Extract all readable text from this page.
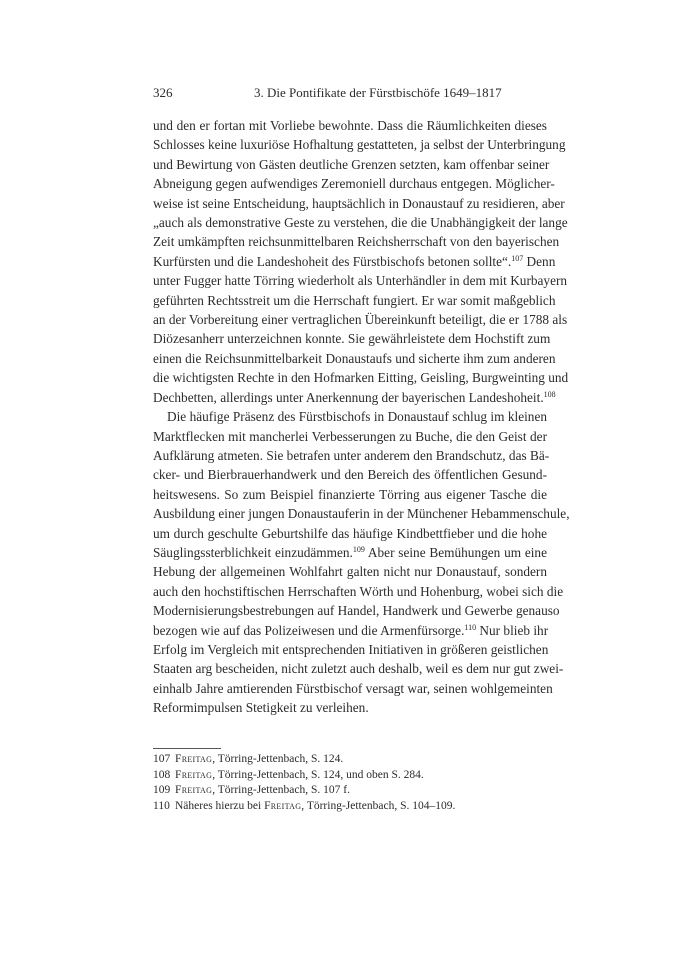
326	3. Die Pontifikate der Fürstbischöfe 1649–1817
und den er fortan mit Vorliebe bewohnte. Dass die Räumlichkeiten dieses
Schlosses keine luxuriöse Hofhaltung gestatteten, ja selbst der Unterbringung
und Bewirtung von Gästen deutliche Grenzen setzten, kam offenbar seiner
Abneigung gegen aufwendiges Zeremoniell durchaus entgegen. Möglicher-
weise ist seine Entscheidung, hauptsächlich in Donaustauf zu residieren, aber
„auch als demonstrative Geste zu verstehen, die die Unabhängigkeit der lange
Zeit umkämpften reichsunmittelbaren Reichsherrschaft von den bayerischen
Kurfürsten und die Landeshoheit des Fürstbischofs betonen sollte“.$^{107}$ Denn
unter Fugger hatte Törring wiederholt als Unterhändler in dem mit Kurbayern
geführten Rechtsstreit um die Herrschaft fungiert. Er war somit maßgeblich
an der Vorbereitung einer vertraglichen Übereinkunft beteiligt, die er 1788 als
Diözesanherr unterzeichnen konnte. Sie gewährleistete dem Hochstift zum
einen die Reichsunmittelbarkeit Donaustaufs und sicherte ihm zum anderen
die wichtigsten Rechte in den Hofmarken Eitting, Geisling, Burgweinting und
Dechbetten, allerdings unter Anerkennung der bayerischen Landeshoheit.$^{108}$
Die häufige Präsenz des Fürstbischofs in Donaustauf schlug im kleinen
Marktflecken mit mancherlei Verbesserungen zu Buche, die den Geist der
Aufklärung atmeten. Sie betrafen unter anderem den Brandschutz, das Bä-
cker- und Bierbrauerhandwerk und den Bereich des öffentlichen Gesund-
heitswesens. So zum Beispiel finanzierte Törring aus eigener Tasche die
Ausbildung einer jungen Donaustauferin in der Münchener Hebammenschule,
um durch geschulte Geburtshilfe das häufige Kindbettfieber und die hohe
Säuglingssterblichkeit einzudämmen.$^{109}$ Aber seine Bemühungen um eine
Hebung der allgemeinen Wohlfahrt galten nicht nur Donaustauf, sondern
auch den hochstiftischen Herrschaften Wörth und Hohenburg, wobei sich die
Modernisierungsbestrebungen auf Handel, Handwerk und Gewerbe genauso
bezogen wie auf das Polizeiwesen und die Armenfürsorge.$^{110}$ Nur blieb ihr
Erfolg im Vergleich mit entsprechenden Initiativen in größeren geistlichen
Staaten arg bescheiden, nicht zuletzt auch deshalb, weil es dem nur gut zwei-
einhalb Jahre amtierenden Fürstbischof versagt war, seinen wohlgemeinten
Reformimpulsen Stetigkeit zu verleihen.
107 Freitag, Törring-Jettenbach, S. 124.
108 Freitag, Törring-Jettenbach, S. 124, und oben S. 284.
109 Freitag, Törring-Jettenbach, S. 107 f.
110 Näheres hierzu bei Freitag, Törring-Jettenbach, S. 104–109.
